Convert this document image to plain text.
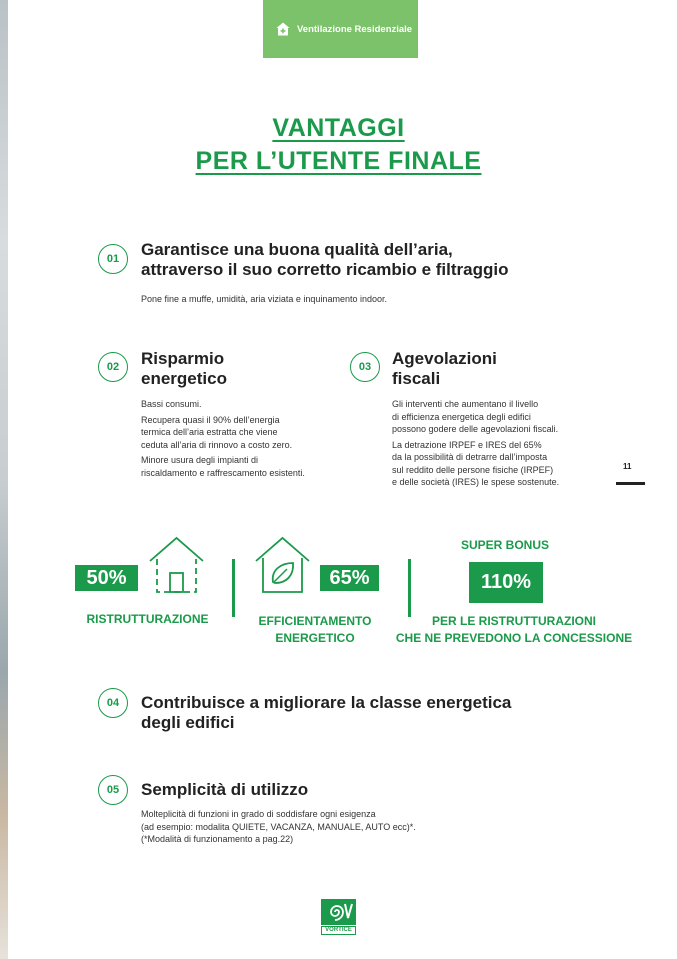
Ventilazione Residenziale
VANTAGGI
PER L’UTENTE FINALE
01	Garantisce una buona qualità dell’aria,
attraverso il suo corretto ricambio e filtraggio
Pone fine a muffe, umidità, aria viziata e inquinamento indoor.
02	Risparmio
energetico
Bassi consumi.
Recupera quasi il 90% dell’energia
termica dell’aria estratta che viene
ceduta all’aria di rinnovo a costo zero.
Minore usura degli impianti di
riscaldamento e raffrescamento esistenti.
03	Agevolazioni
fiscali
Gli interventi che aumentano il livello
di efficienza energetica degli edifici
possono godere delle agevolazioni fiscali.
La detrazione IRPEF e IRES del 65%
da la possibilità di detrarre dall’imposta
sul reddito delle persone fisiche (IRPEF)
e delle società (IRES) le spese sostenute.
11
50%
RISTRUTTURAZIONE
65%
EFFICIENTAMENTO
ENERGETICO
SUPER BONUS
110%
PER LE RISTRUTTURAZIONI
CHE NE PREVEDONO LA CONCESSIONE
04	Contribuisce a migliorare la classe energetica
degli edifici
05	Semplicità di utilizzo
Molteplicità di funzioni in grado di soddisfare ogni esigenza
(ad esempio: modalita QUIETE, VACANZA, MANUALE, AUTO ecc)*.
(*Modalità di funzionamento a pag.22)
VORTICE
